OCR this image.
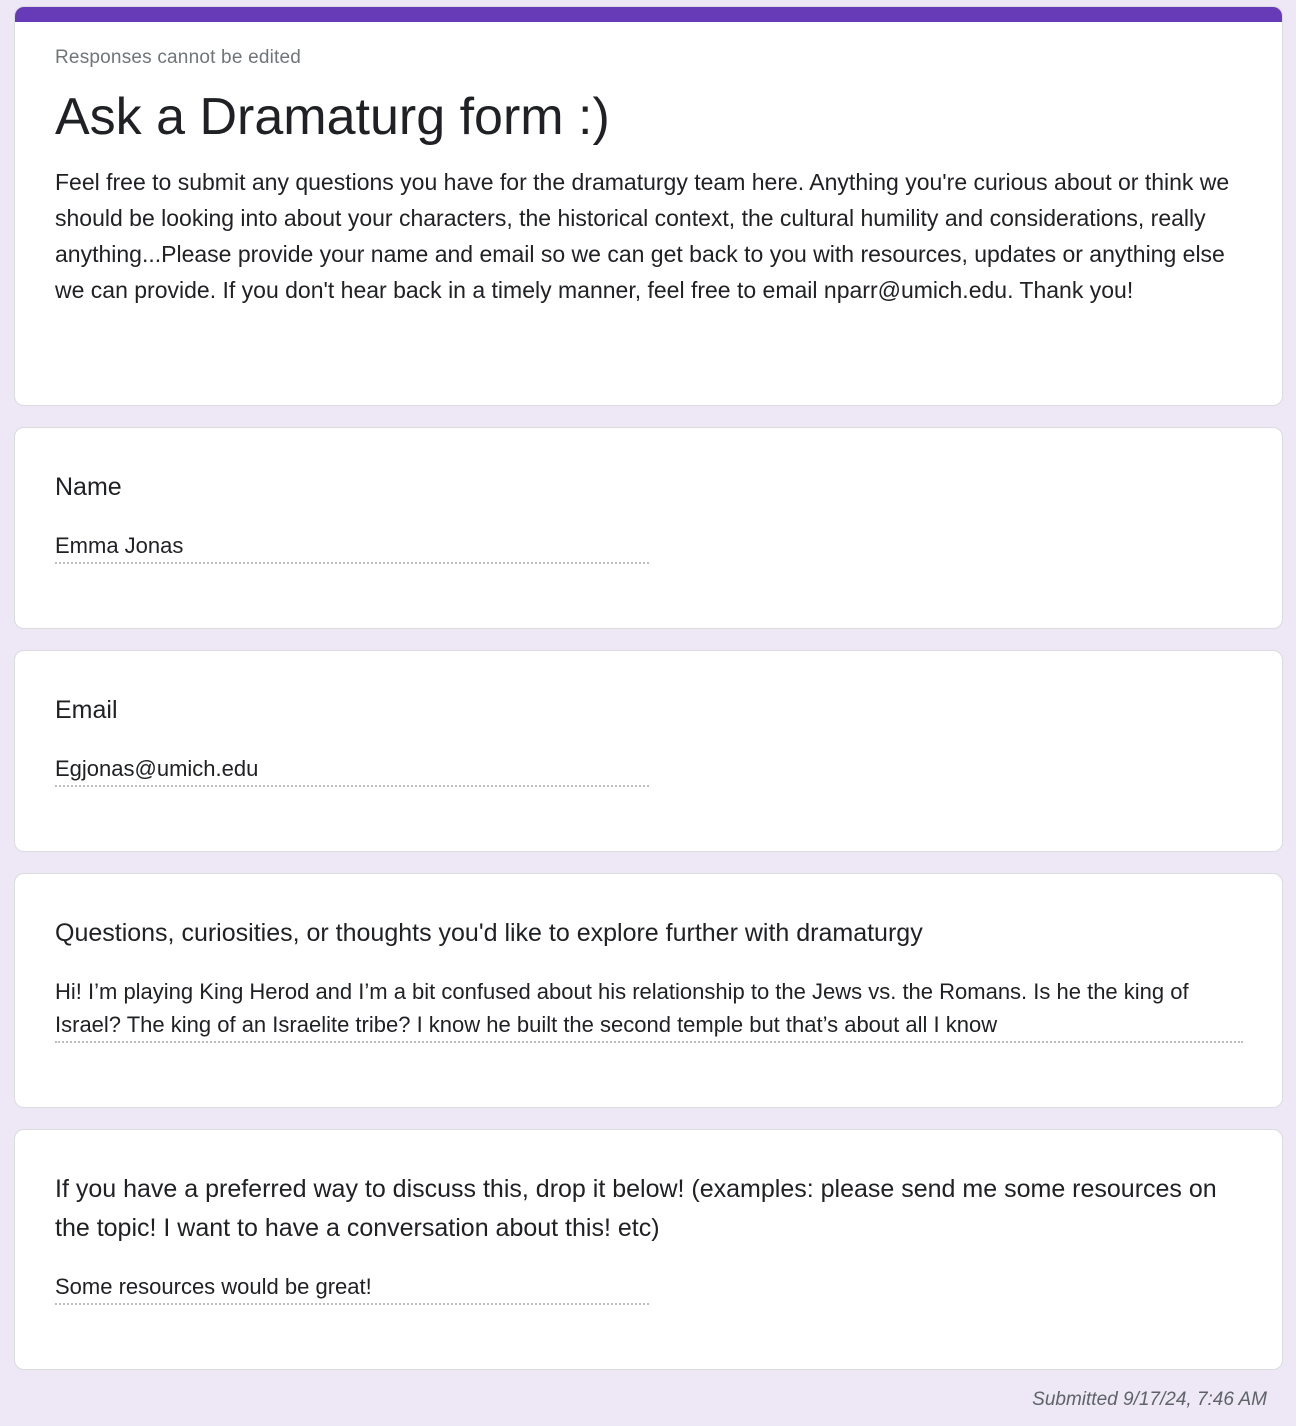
Responses cannot be edited

Ask a Dramaturg form :)

Feel free to submit any questions you have for the dramaturgy team here. Anything you're curious about or think we should be looking into about your characters, the historical context, the cultural humility and considerations, really anything...Please provide your name and email so we can get back to you with resources, updates or anything else we can provide. If you don't hear back in a timely manner, feel free to email nparr@umich.edu. Thank you!

Name

Emma Jonas

Email

Egjonas@umich.edu

Questions, curiosities, or thoughts you'd like to explore further with dramaturgy

Hi! I’m playing King Herod and I’m a bit confused about his relationship to the Jews vs. the Romans. Is he the king of Israel? The king of an Israelite tribe? I know he built the second temple but that’s about all I know

If you have a preferred way to discuss this, drop it below! (examples: please send me some resources on the topic! I want to have a conversation about this! etc)

Some resources would be great!
Submitted 9/17/24, 7:46 AM
